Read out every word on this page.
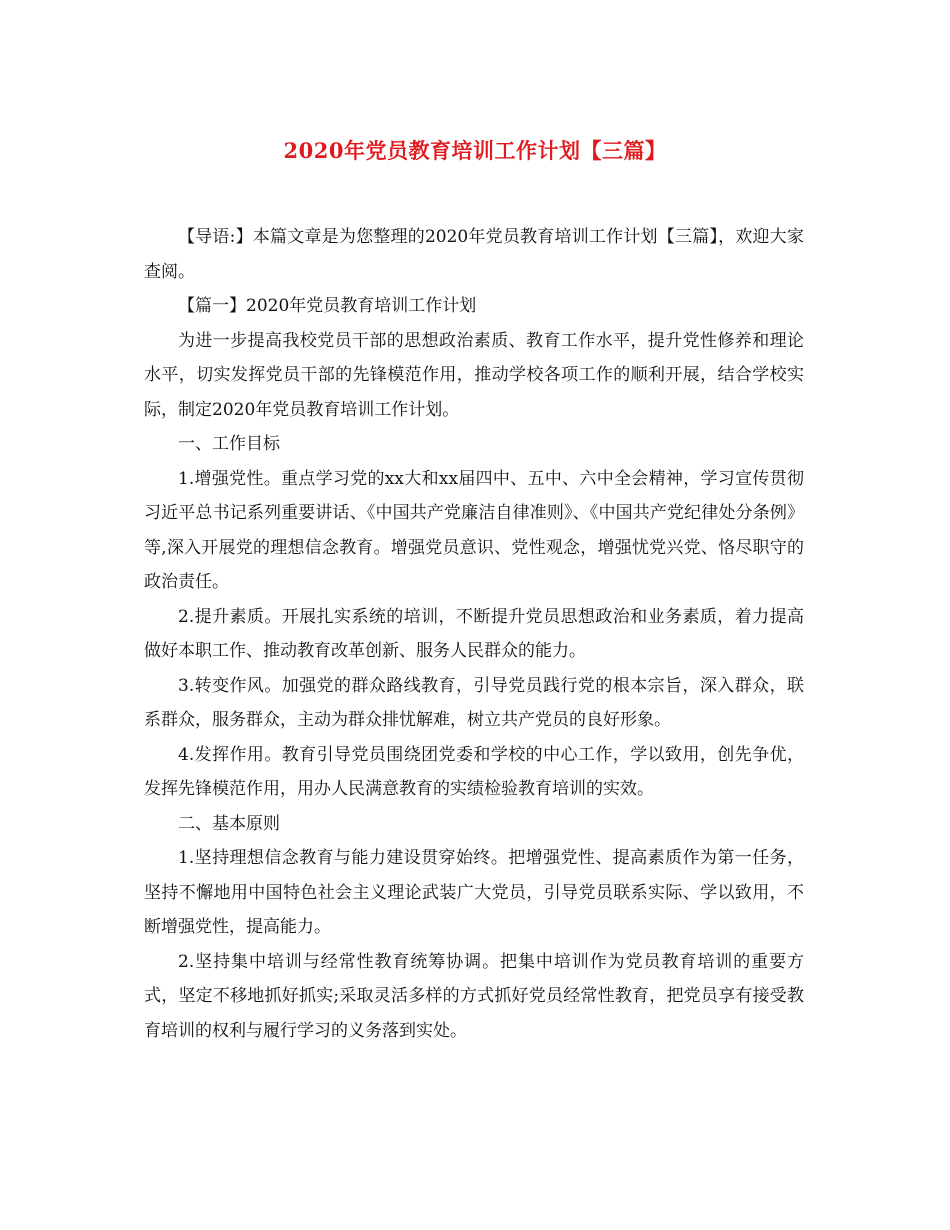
2020年党员教育培训工作计划【三篇】

【导语:】本篇文章是为您整理的2020年党员教育培训工作计划【三篇】，欢迎大家查阅。

【篇一】2020年党员教育培训工作计划

为进一步提高我校党员干部的思想政治素质、教育工作水平，提升党性修养和理论水平，切实发挥党员干部的先锋模范作用，推动学校各项工作的顺利开展，结合学校实际，制定2020年党员教育培训工作计划。

一、工作目标

1.增强党性。重点学习党的xx大和xx届四中、五中、六中全会精神，学习宣传贯彻习近平总书记系列重要讲话、《中国共产党廉洁自律准则》、《中国共产党纪律处分条例》等,深入开展党的理想信念教育。增强党员意识、党性观念，增强忧党兴党、恪尽职守的政治责任。

2.提升素质。开展扎实系统的培训，不断提升党员思想政治和业务素质，着力提高做好本职工作、推动教育改革创新、服务人民群众的能力。

3.转变作风。加强党的群众路线教育，引导党员践行党的根本宗旨，深入群众，联系群众，服务群众，主动为群众排忧解难，树立共产党员的良好形象。

4.发挥作用。教育引导党员围绕团党委和学校的中心工作，学以致用，创先争优，发挥先锋模范作用，用办人民满意教育的实绩检验教育培训的实效。

二、基本原则

1.坚持理想信念教育与能力建设贯穿始终。把增强党性、提高素质作为第一任务，坚持不懈地用中国特色社会主义理论武装广大党员，引导党员联系实际、学以致用，不断增强党性，提高能力。

2.坚持集中培训与经常性教育统筹协调。把集中培训作为党员教育培训的重要方式，坚定不移地抓好抓实;采取灵活多样的方式抓好党员经常性教育，把党员享有接受教育培训的权利与履行学习的义务落到实处。
